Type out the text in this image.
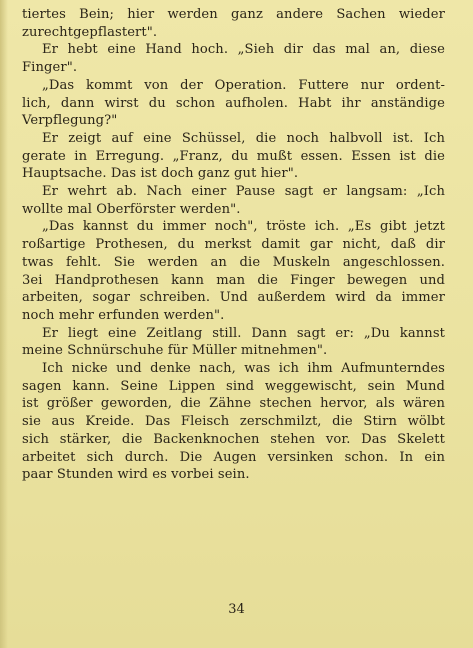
tiertes Bein; hier werden ganz andere Sachen wieder
zurechtgepflastert".
Er hebt eine Hand hoch. „Sieh dir das mal an, diese
Finger".
„Das kommt von der Operation. Futtere nur ordent-
lich, dann wirst du schon aufholen. Habt ihr anständige
Verpflegung?"
Er zeigt auf eine Schüssel, die noch halbvoll ist. Ich
gerate in Erregung. „Franz, du mußt essen. Essen ist die
Hauptsache. Das ist doch ganz gut hier".
Er wehrt ab. Nach einer Pause sagt er langsam: „Ich
wollte mal Oberförster werden".
„Das kannst du immer noch", tröste ich. „Es gibt jetzt
roßartige Prothesen, du merkst damit gar nicht, daß dir
twas fehlt. Sie werden an die Muskeln angeschlossen.
3ei Handprothesen kann man die Finger bewegen und
arbeiten, sogar schreiben. Und außerdem wird da immer
noch mehr erfunden werden".
Er liegt eine Zeitlang still. Dann sagt er: „Du kannst
meine Schnürschuhe für Müller mitnehmen".
Ich nicke und denke nach, was ich ihm Aufmunterndes
sagen kann. Seine Lippen sind weggewischt, sein Mund
ist größer geworden, die Zähne stechen hervor, als wären
sie aus Kreide. Das Fleisch zerschmilzt, die Stirn wölbt
sich stärker, die Backenknochen stehen vor. Das Skelett
arbeitet sich durch. Die Augen versinken schon. In ein
paar Stunden wird es vorbei sein.
34
